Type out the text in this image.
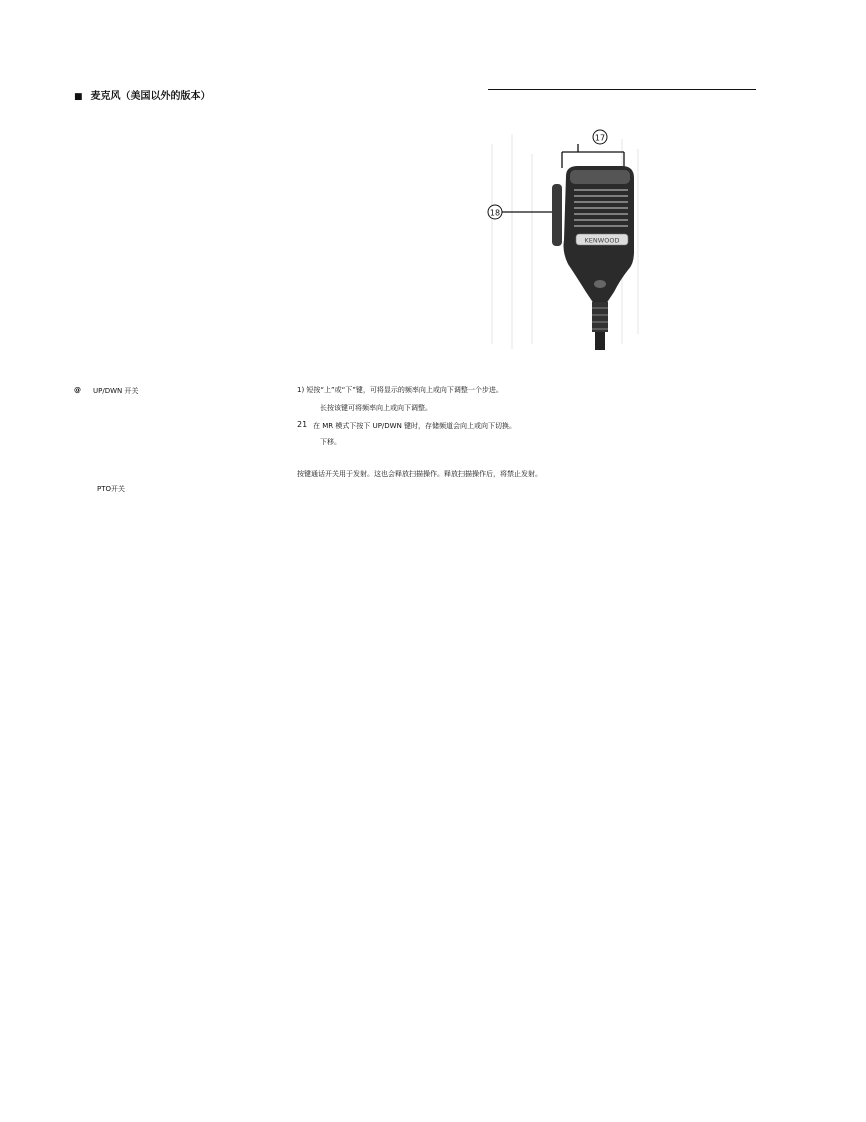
■ 麦克风（美国以外的版本）
17
18
KENWOOD
@ UP/DWN 开关	1) 短按“上”或“下”键，可将显示的频率向上或向下调整一个步进。
长按该键可将频率向上或向下调整。
21 在 MR 模式下按下 UP/DWN 键时，存储频道会向上或向下切换。
下移。
按键通话开关用于发射。这也会释放扫描操作。释放扫描操作后，将禁止发射。
PTO开关
